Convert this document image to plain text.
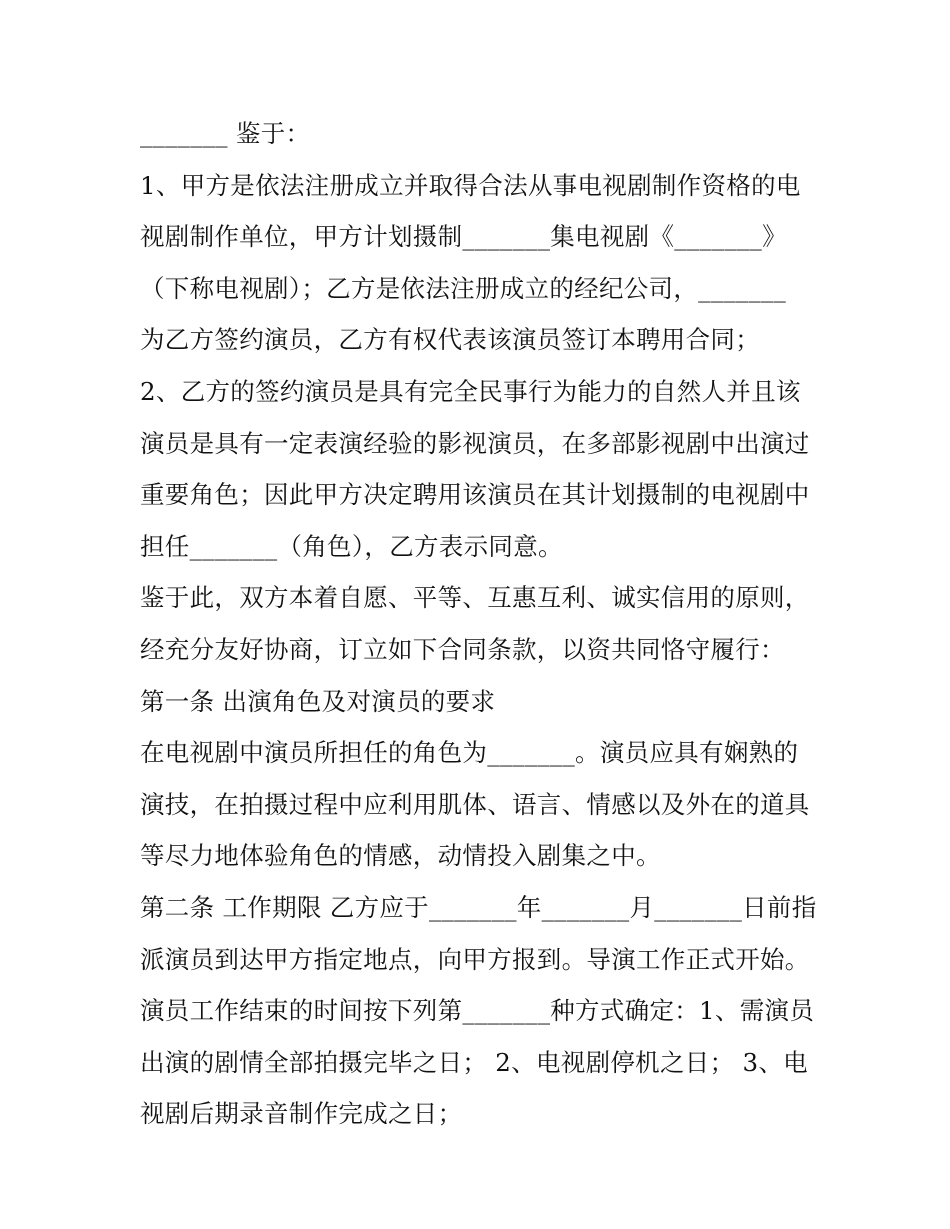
_______ 鉴于：
1、甲方是依法注册成立并取得合法从事电视剧制作资格的电
视剧制作单位，甲方计划摄制_______集电视剧《_______》
（下称电视剧）；乙方是依法注册成立的经纪公司，_______
为乙方签约演员，乙方有权代表该演员签订本聘用合同；
2、乙方的签约演员是具有完全民事行为能力的自然人并且该
演员是具有一定表演经验的影视演员，在多部影视剧中出演过
重要角色；因此甲方决定聘用该演员在其计划摄制的电视剧中
担任_______（角色），乙方表示同意。
鉴于此，双方本着自愿、平等、互惠互利、诚实信用的原则，
经充分友好协商，订立如下合同条款，以资共同恪守履行：
第一条 出演角色及对演员的要求
在电视剧中演员所担任的角色为_______。演员应具有娴熟的
演技，在拍摄过程中应利用肌体、语言、情感以及外在的道具
等尽力地体验角色的情感，动情投入剧集之中。
第二条 工作期限 乙方应于_______年_______月_______日前指
派演员到达甲方指定地点，向甲方报到。导演工作正式开始。
演员工作结束的时间按下列第_______种方式确定：1、需演员
出演的剧情全部拍摄完毕之日； 2、电视剧停机之日； 3、电
视剧后期录音制作完成之日；
